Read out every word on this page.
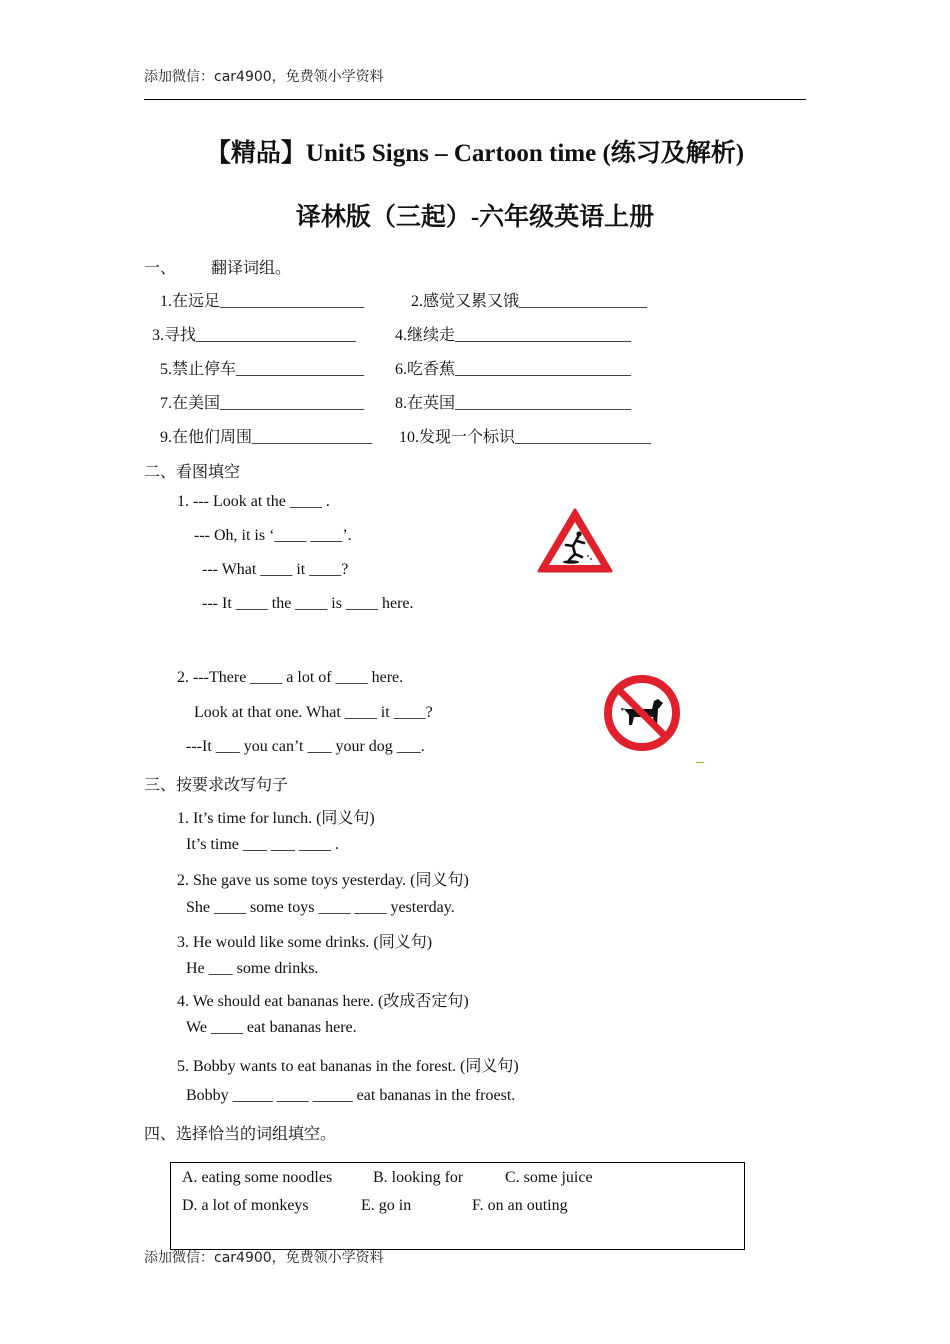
添加微信：car4900，免费领小学资料
【精品】Unit5 Signs – Cartoon time (练习及解析)
译林版（三起）-六年级英语上册
一、 翻译词组。
1.在远足__________________	2.感觉又累又饿________________
3.寻找____________________ 4.继续走______________________
5.禁止停车________________ 6.吃香蕉______________________
7.在美国__________________ 8.在英国______________________
9.在他们周围_______________ 10.发现一个标识_________________
二、看图填空
1. --- Look at the ____ .
--- Oh, it is ‘____ ____’.
--- What ____ it ____?
--- It ____ the ____ is ____ here.
2. ---There ____ a lot of ____ here.
Look at that one. What ____ it ____?
---It ___ you can’t ___ your dog ___.
三、按要求改写句子
1. It’s time for lunch. (同义句)
It’s time ___ ___ ____ .
2. She gave us some toys yesterday. (同义句)
She ____ some toys ____ ____ yesterday.
3. He would like some drinks. (同义句)
He ___ some drinks.
4. We should eat bananas here. (改成否定句)
We ____ eat bananas here.
5. Bobby wants to eat bananas in the forest. (同义句)
Bobby _____ ____ _____ eat bananas in the froest.
四、选择恰当的词组填空。
A. eating some noodles	B. looking for	C. some juice
D. a lot of monkeys	E. go in	F. on an outing
添加微信：car4900，免费领小学资料
